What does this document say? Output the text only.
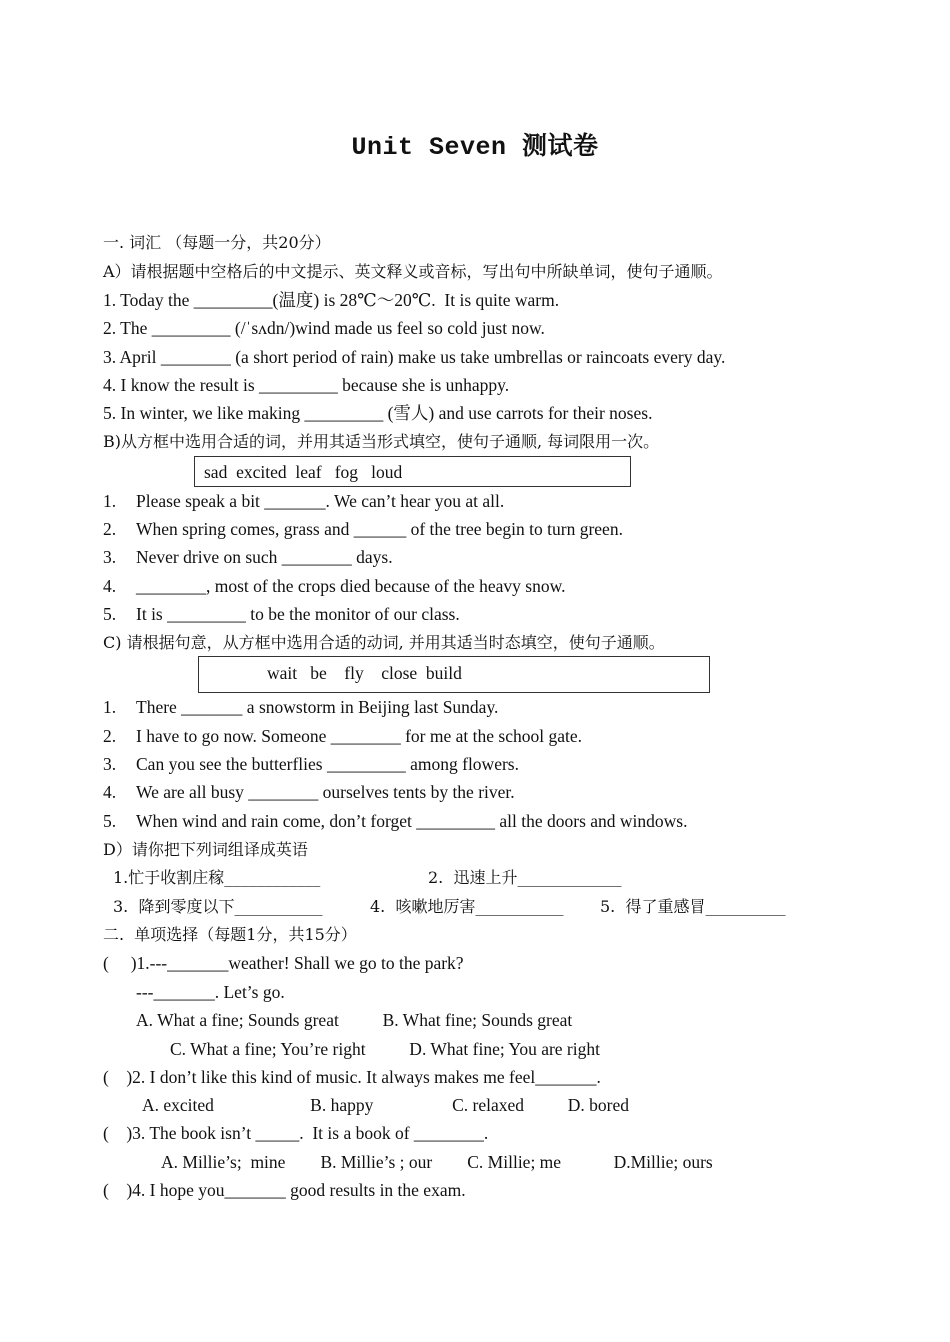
Unit Seven 测试卷
一. 词汇 （每题一分，共20分）
A）请根据题中空格后的中文提示、英文释义或音标，写出句中所缺单词，使句子通顺。
1. Today the _________(温度) is 28℃～20℃.  It is quite warm.
2. The _________ (/ˈsʌdn/)wind made us feel so cold just now.
3. April ________ (a short period of rain) make us take umbrellas or raincoats every day.
4. I know the result is _________ because she is unhappy.
5. In winter, we like making _________ (雪人) and use carrots for their noses.
B)从方框中选用合适的词，并用其适当形式填空，使句子通顺, 每词限用一次。
sad  excited  leaf   fog   loud
1. Please speak a bit _______. We can’t hear you at all.
2. When spring comes, grass and ______ of the tree begin to turn green.
3. Never drive on such ________ days.
4. ________, most of the crops died because of the heavy snow.
5. It is _________ to be the monitor of our class.
C) 请根据句意，从方框中选用合适的动词, 并用其适当时态填空，使句子通顺。
wait   be    fly    close  build
1. There _______ a snowstorm in Beijing last Sunday.
2. I have to go now. Someone ________ for me at the school gate.
3. Can you see the butterflies _________ among flowers.
4. We are all busy ________ ourselves tents by the river.
5. When wind and rain come, don’t forget _________ all the doors and windows.
D）请你把下列词组译成英语
1.忙于收割庄稼____________	2.  迅速上升_____________
3.  降到零度以下___________	4.  咳嗽地厉害___________ 5.  得了重感冒__________
二.  单项选择（每题1分，共15分）
(     )1.---_______weather! Shall we go to the park?
---_______. Let’s go.
A. What a fine; Sounds great          B. What fine; Sounds great
C. What a fine; You’re right          D. What fine; You are right
(    )2. I don’t like this kind of music. It always makes me feel_______.
A. excited                      B. happy                  C. relaxed          D. bored
(    )3. The book isn’t _____.  It is a book of ________.
A. Millie’s;  mine        B. Millie’s ; our        C. Millie; me            D.Millie; ours
(    )4. I hope you_______ good results in the exam.
